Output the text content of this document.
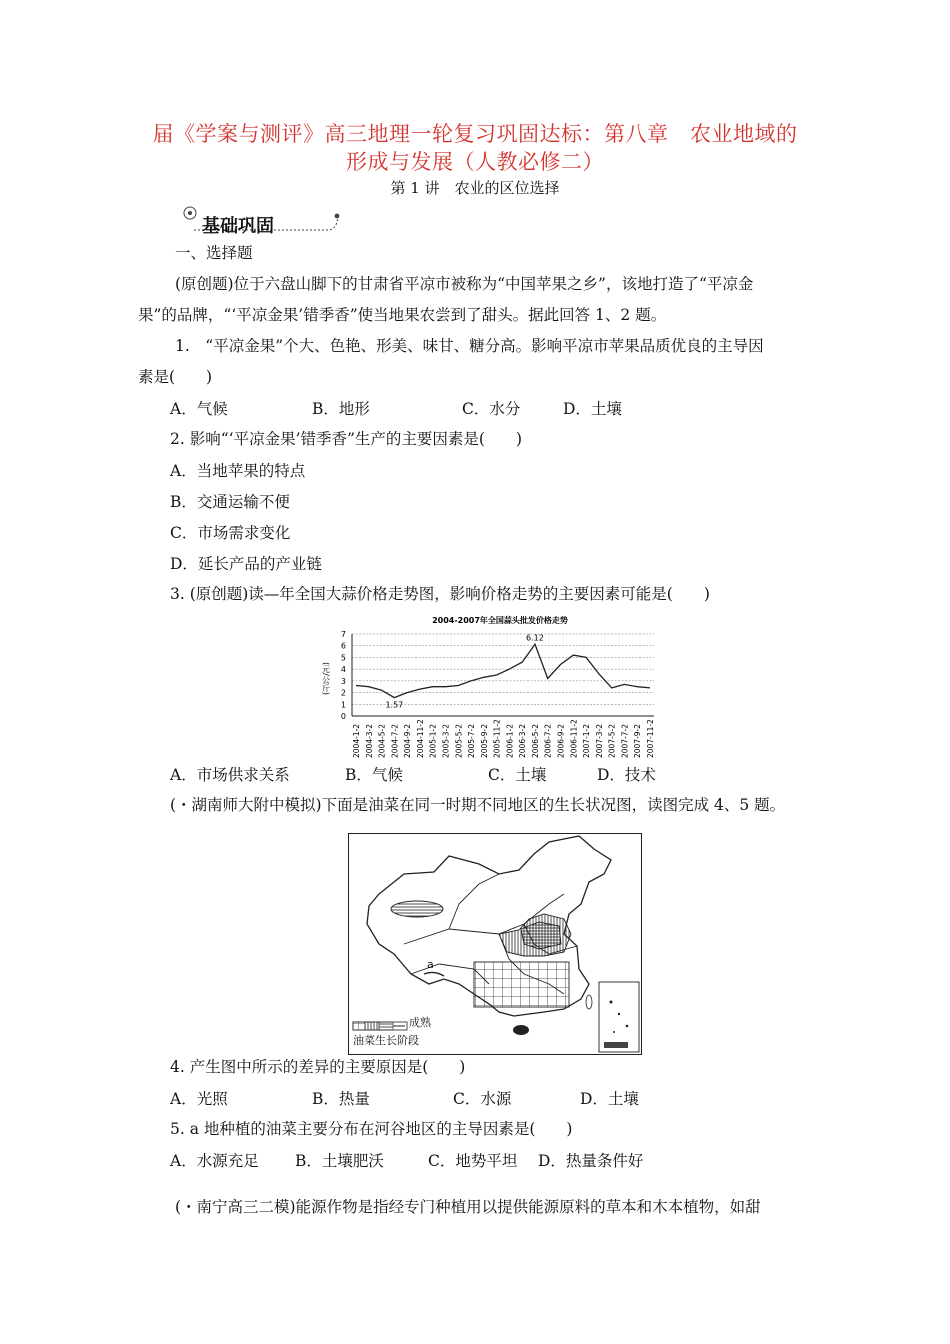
届《学案与测评》高三地理一轮复习巩固达标：第八章　农业地域的
形成与发展（人教必修二）
第 1 讲　农业的区位选择
基础巩固
一、选择题
(原创题)位于六盘山脚下的甘肃省平凉市被称为“中国苹果之乡”，该地打造了“平凉金
果”的品牌，“‘平凉金果’错季香”使当地果农尝到了甜头。据此回答 1、2 题。
1.　“平凉金果”个大、色艳、形美、味甘、糖分高。影响平凉市苹果品质优良的主导因
素是(　　)
A．气候	B．地形	C．水分	D．土壤
2. 影响“‘平凉金果’错季香”生产的主要因素是(　　)
A．当地苹果的特点
B．交通运输不便
C．市场需求变化
D．延长产品的产业链
3. (原创题)读—年全国大蒜价格走势图，影响价格走势的主要因素可能是(　　)
2004-2007年全国蒜头批发价格走势
0
1
2
3
4
5
6
7
(元/公斤)
6.12
1.57
2004-1-2 2004-3-2 2004-5-2 2004-7-2 2004-9-2 2004-11-2 2005-1-2 2005-3-2 2005-5-2 2005-7-2 2005-9-2 2005-11-2 2006-1-2 2006-3-2 2006-5-2 2006-7-2 2006-9-2 2006-11-2 2007-1-2 2007-3-2 2007-5-2 2007-7-2 2007-9-2 2007-11-2
A．市场供求关系	B．气候	C．土壤	D．技术
(・湖南师大附中模拟)下面是油菜在同一时期不同地区的生长状况图，读图完成 4、5 题。
成熟
油菜生长阶段
a
4. 产生图中所示的差异的主要原因是(　　)
A．光照	B．热量	C．水源	D．土壤
5. a 地种植的油菜主要分布在河谷地区的主导因素是(　　)
A．水源充足 B．土壤肥沃	C．地势平坦 D．热量条件好
(・南宁高三二模)能源作物是指经专门种植用以提供能源原料的草本和木本植物，如甜
